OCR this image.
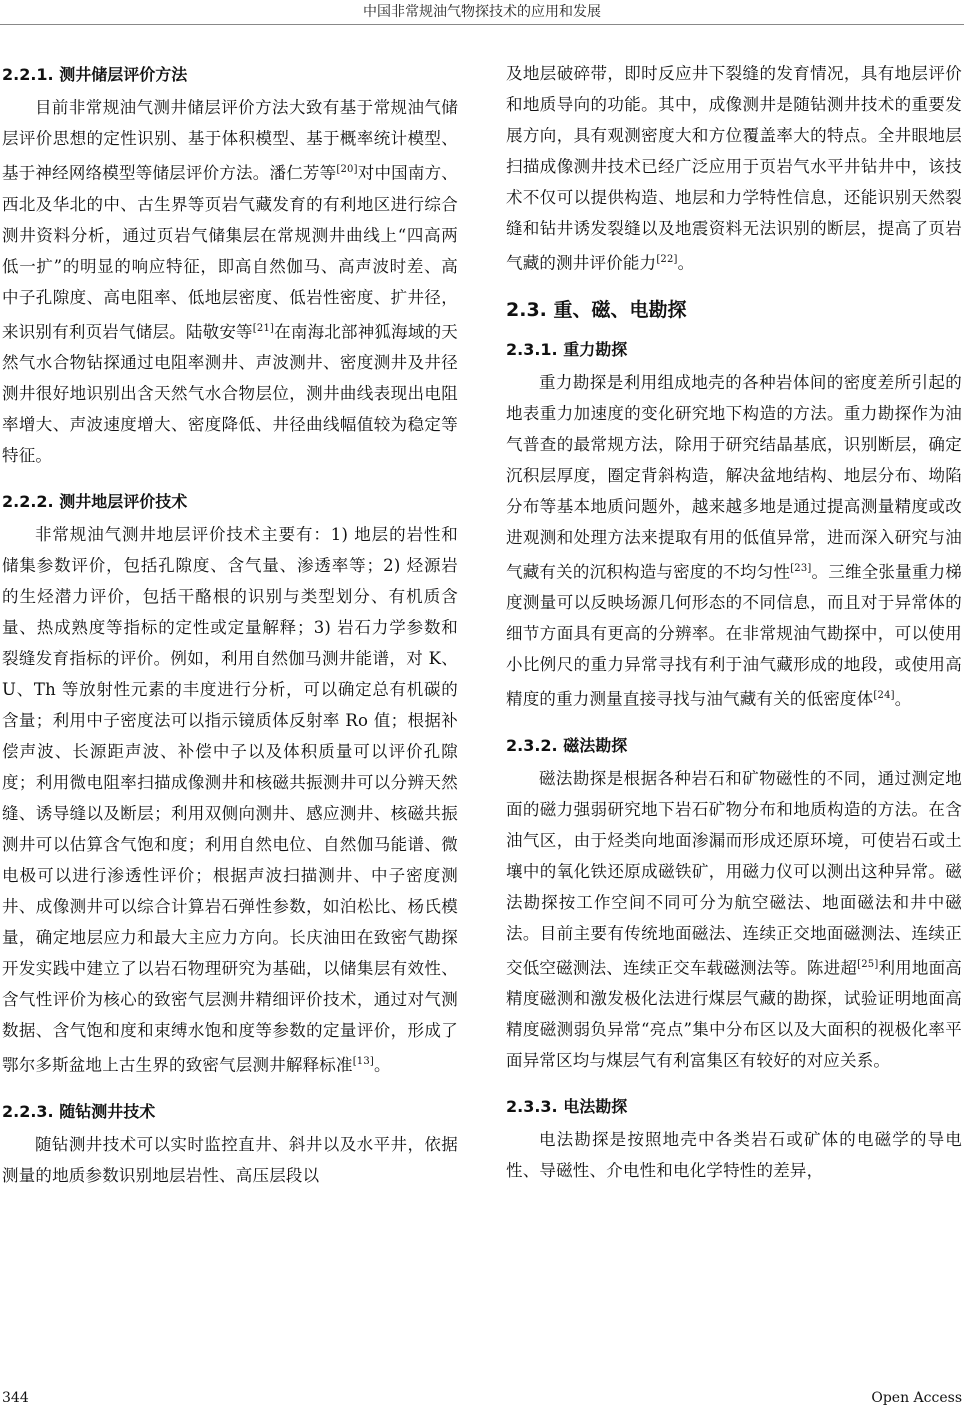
中国非常规油气物探技术的应用和发展
2.2.1. 测井储层评价方法

目前非常规油气测井储层评价方法大致有基于常规油气储层评价思想的定性识别、基于体积模型、基于概率统计模型、基于神经网络模型等储层评价方法。潘仁芳等[20]对中国南方、西北及华北的中、古生界等页岩气藏发育的有利地区进行综合测井资料分析，通过页岩气储集层在常规测井曲线上“四高两低一扩”的明显的响应特征，即高自然伽马、高声波时差、高中子孔隙度、高电阻率、低地层密度、低岩性密度、扩井径，来识别有利页岩气储层。陆敬安等[21]在南海北部神狐海域的天然气水合物钻探通过电阻率测井、声波测井、密度测井及井径测井很好地识别出含天然气水合物层位，测井曲线表现出电阻率增大、声波速度增大、密度降低、井径曲线幅值较为稳定等特征。

2.2.2. 测井地层评价技术

非常规油气测井地层评价技术主要有：1) 地层的岩性和储集参数评价，包括孔隙度、含气量、渗透率等；2) 烃源岩的生烃潜力评价，包括干酪根的识别与类型划分、有机质含量、热成熟度等指标的定性或定量解释；3) 岩石力学参数和裂缝发育指标的评价。例如，利用自然伽马测井能谱，对 K、U、Th 等放射性元素的丰度进行分析，可以确定总有机碳的含量；利用中子密度法可以指示镜质体反射率 Ro 值；根据补偿声波、长源距声波、补偿中子以及体积质量可以评价孔隙度；利用微电阻率扫描成像测井和核磁共振测井可以分辨天然缝、诱导缝以及断层；利用双侧向测井、感应测井、核磁共振测井可以估算含气饱和度；利用自然电位、自然伽马能谱、微电极可以进行渗透性评价；根据声波扫描测井、中子密度测井、成像测井可以综合计算岩石弹性参数，如泊松比、杨氏模量，确定地层应力和最大主应力方向。长庆油田在致密气勘探开发实践中建立了以岩石物理研究为基础，以储集层有效性、含气性评价为核心的致密气层测井精细评价技术，通过对气测数据、含气饱和度和束缚水饱和度等参数的定量评价，形成了鄂尔多斯盆地上古生界的致密气层测井解释标准[13]。

2.2.3. 随钻测井技术

随钻测井技术可以实时监控直井、斜井以及水平井，依据测量的地质参数识别地层岩性、高压层段以

及地层破碎带，即时反应井下裂缝的发育情况，具有地层评价和地质导向的功能。其中，成像测井是随钻测井技术的重要发展方向，具有观测密度大和方位覆盖率大的特点。全井眼地层扫描成像测井技术已经广泛应用于页岩气水平井钻井中，该技术不仅可以提供构造、地层和力学特性信息，还能识别天然裂缝和钻井诱发裂缝以及地震资料无法识别的断层，提高了页岩气藏的测井评价能力[22]。

2.3. 重、磁、电勘探
2.3.1. 重力勘探

重力勘探是利用组成地壳的各种岩体间的密度差所引起的地表重力加速度的变化研究地下构造的方法。重力勘探作为油气普查的最常规方法，除用于研究结晶基底，识别断层，确定沉积层厚度，圈定背斜构造，解决盆地结构、地层分布、坳陷分布等基本地质问题外，越来越多地是通过提高测量精度或改进观测和处理方法来提取有用的低值异常，进而深入研究与油气藏有关的沉积构造与密度的不均匀性[23]。三维全张量重力梯度测量可以反映场源几何形态的不同信息，而且对于异常体的细节方面具有更高的分辨率。在非常规油气勘探中，可以使用小比例尺的重力异常寻找有利于油气藏形成的地段，或使用高精度的重力测量直接寻找与油气藏有关的低密度体[24]。

2.3.2. 磁法勘探

磁法勘探是根据各种岩石和矿物磁性的不同，通过测定地面的磁力强弱研究地下岩石矿物分布和地质构造的方法。在含油气区，由于烃类向地面渗漏而形成还原环境，可使岩石或土壤中的氧化铁还原成磁铁矿，用磁力仪可以测出这种异常。磁法勘探按工作空间不同可分为航空磁法、地面磁法和井中磁法。目前主要有传统地面磁法、连续正交地面磁测法、连续正交低空磁测法、连续正交车载磁测法等。陈进超[25]利用地面高精度磁测和激发极化法进行煤层气藏的勘探，试验证明地面高精度磁测弱负异常“亮点”集中分布区以及大面积的视极化率平面异常区均与煤层气有利富集区有较好的对应关系。

2.3.3. 电法勘探

电法勘探是按照地壳中各类岩石或矿体的电磁学的导电性、导磁性、介电性和电化学特性的差异，

344	Open Access
